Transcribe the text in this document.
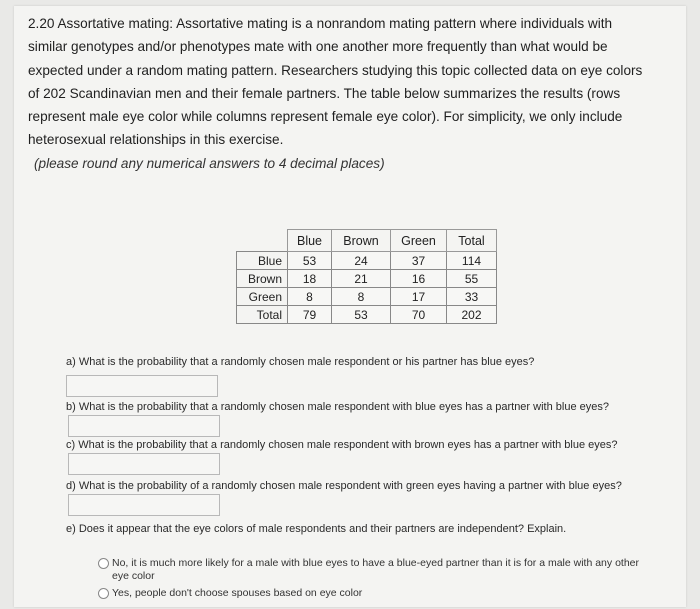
2.20 Assortative mating: Assortative mating is a nonrandom mating pattern where individuals with

similar genotypes and/or phenotypes mate with one another more frequently than what would be

expected under a random mating pattern. Researchers studying this topic collected data on eye colors

of 202 Scandinavian men and their female partners. The table below summarizes the results (rows

represent male eye color while columns represent female eye color). For simplicity, we only include

heterosexual relationships in this exercise.

(please round any numerical answers to 4 decimal places)

	Blue	Brown	Green	Total
Blue	53	24	37	114
Brown	18	21	16	55
Green	8	8	17	33
Total	79	53	70	202
a) What is the probability that a randomly chosen male respondent or his partner has blue eyes?
b) What is the probability that a randomly chosen male respondent with blue eyes has a partner with blue eyes?
c) What is the probability that a randomly chosen male respondent with brown eyes has a partner with blue eyes?
d) What is the probability of a randomly chosen male respondent with green eyes having a partner with blue eyes?
e) Does it appear that the eye colors of male respondents and their partners are independent? Explain.
No, it is much more likely for a male with blue eyes to have a blue-eyed partner than it is for a male with any other eye color
Yes, people don't choose spouses based on eye color
